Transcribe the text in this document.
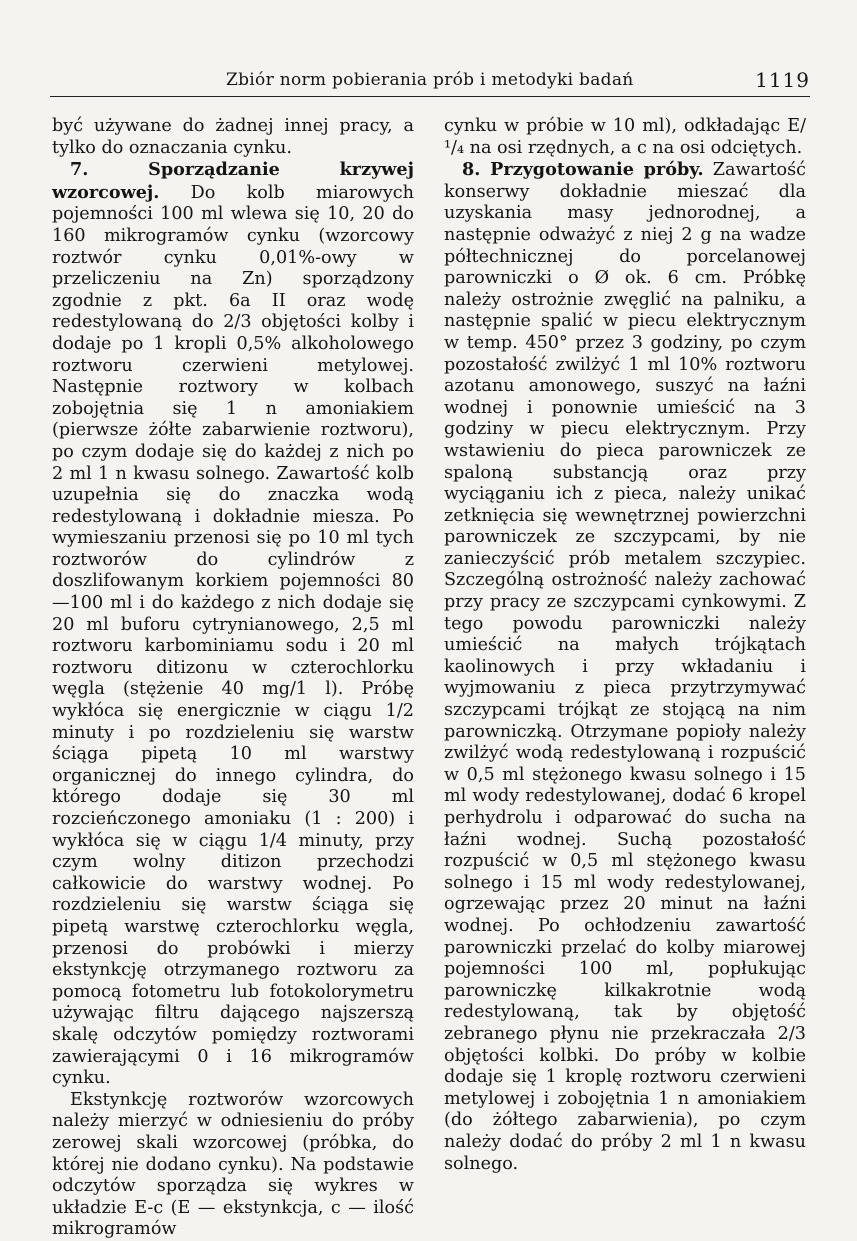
Zbiór norm pobierania prób i metodyki badań	1119

być używane do żadnej innej pracy, a tylko do oznaczania cynku.

7. Sporządzanie krzywej wzorcowej. Do kolb miarowych pojemności 100 ml wlewa się 10, 20 do 160 mikrogramów cynku (wzorcowy roztwór cynku 0,01%-owy w przeliczeniu na Zn) sporządzony zgodnie z pkt. 6a II oraz wodę redestylowaną do 2/3 objętości kolby i dodaje po 1 kropli 0,5% alkoholowego roztworu czerwieni metylowej. Następnie roztwory w kolbach zobojętnia się 1 n amoniakiem (pierwsze żółte zabarwienie roztworu), po czym dodaje się do każdej z nich po 2 ml 1 n kwasu solnego. Zawartość kolb uzupełnia się do znaczka wodą redestylowaną i dokładnie miesza. Po wymieszaniu przenosi się po 10 ml tych roztworów do cylindrów z doszlifowanym korkiem pojemności 80—100 ml i do każdego z nich dodaje się 20 ml buforu cytrynianowego, 2,5 ml roztworu karbominiamu sodu i 20 ml roztworu ditizonu w czterochlorku węgla (stężenie 40 mg/1 l). Próbę wykłóca się energicznie w ciągu 1/2 minuty i po rozdzieleniu się warstw ściąga pipetą 10 ml warstwy organicznej do innego cylindra, do którego dodaje się 30 ml rozcieńczonego amoniaku (1 : 200) i wykłóca się w ciągu 1/4 minuty, przy czym wolny ditizon przechodzi całkowicie do warstwy wodnej. Po rozdzieleniu się warstw ściąga się pipetą warstwę czterochlorku węgla, przenosi do probówki i mierzy ekstynkcję otrzymanego roztworu za pomocą fotometru lub fotokolorymetru używając filtru dającego najszerszą skalę odczytów pomiędzy roztworami zawierającymi 0 i 16 mikrogramów cynku.

Ekstynkcję roztworów wzorcowych należy mierzyć w odniesieniu do próby zerowej skali wzorcowej (próbka, do której nie dodano cynku). Na podstawie odczytów sporządza się wykres w układzie E-c (E — ekstynkcja, c — ilość mikrogramów

cynku w próbie w 10 ml), odkładając E/¹/₄ na osi rzędnych, a c na osi odciętych.

8. Przygotowanie próby. Zawartość konserwy dokładnie mieszać dla uzyskania masy jednorodnej, a następnie odważyć z niej 2 g na wadze półtechnicznej do porcelanowej parowniczki o Ø ok. 6 cm. Próbkę należy ostrożnie zwęglić na palniku, a następnie spalić w piecu elektrycznym w temp. 450° przez 3 godziny, po czym pozostałość zwilżyć 1 ml 10% roztworu azotanu amonowego, suszyć na łaźni wodnej i ponownie umieścić na 3 godziny w piecu elektrycznym. Przy wstawieniu do pieca parowniczek ze spaloną substancją oraz przy wyciąganiu ich z pieca, należy unikać zetknięcia się wewnętrznej powierzchni parowniczek ze szczypcami, by nie zanieczyścić prób metalem szczypiec. Szczególną ostrożność należy zachować przy pracy ze szczypcami cynkowymi. Z tego powodu parowniczki należy umieścić na małych trójkątach kaolinowych i przy wkładaniu i wyjmowaniu z pieca przytrzymywać szczypcami trójkąt ze stojącą na nim parowniczką. Otrzymane popioły należy zwilżyć wodą redestylowaną i rozpuścić w 0,5 ml stężonego kwasu solnego i 15 ml wody redestylowanej, dodać 6 kropel perhydrolu i odparować do sucha na łaźni wodnej. Suchą pozostałość rozpuścić w 0,5 ml stężonego kwasu solnego i 15 ml wody redestylowanej, ogrzewając przez 20 minut na łaźni wodnej. Po ochłodzeniu zawartość parowniczki przelać do kolby miarowej pojemności 100 ml, popłukując parowniczkę kilkakrotnie wodą redestylowaną, tak by objętość zebranego płynu nie przekraczała 2/3 objętości kolbki. Do próby w kolbie dodaje się 1 kroplę roztworu czerwieni metylowej i zobojętnia 1 n amoniakiem (do żółtego zabarwienia), po czym należy dodać do próby 2 ml 1 n kwasu solnego.
